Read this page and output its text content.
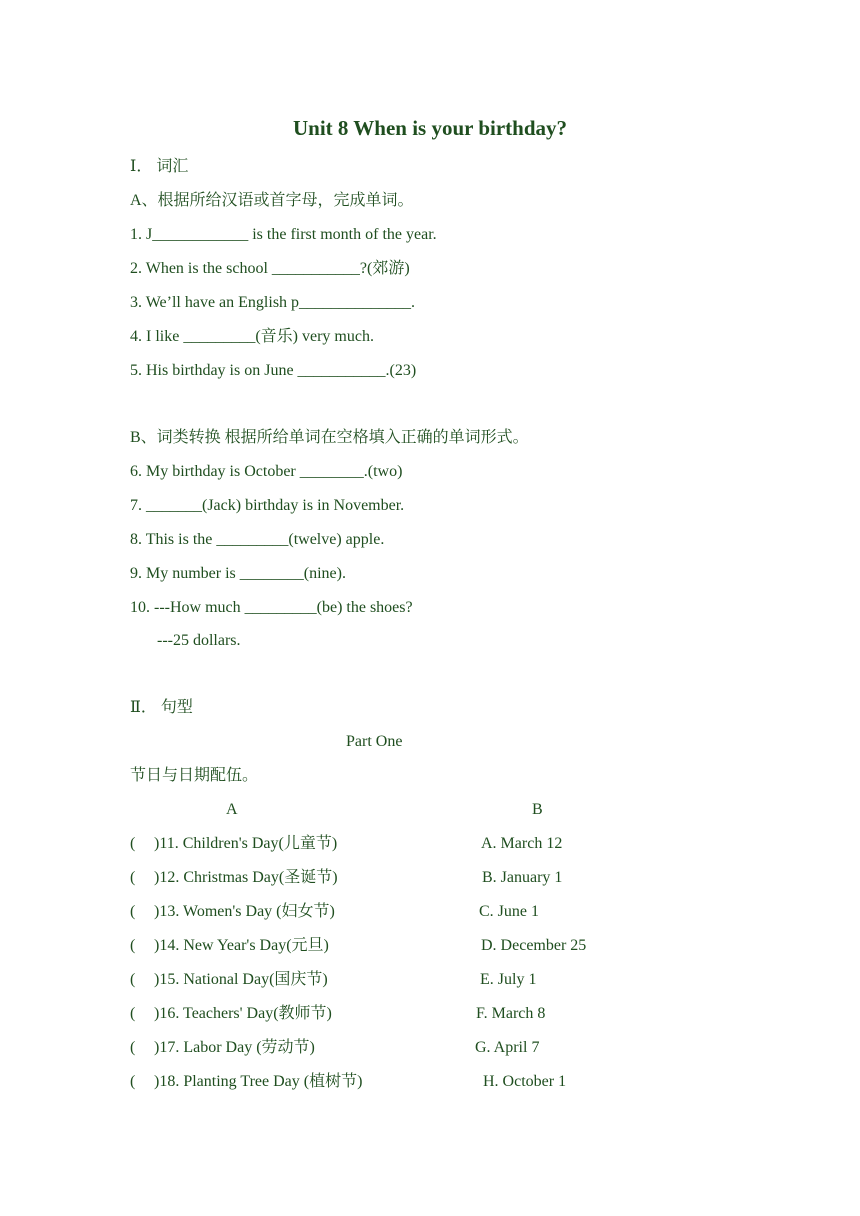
Unit 8 When is your birthday?
Ⅰ． 词汇
A、根据所给汉语或首字母，完成单词。
1. J____________ is the first month of the year.
2. When is the school ___________?(郊游)
3. We’ll have an English p______________.
4. I like _________(音乐) very much.
5. His birthday is on June ___________.(23)
B、词类转换 根据所给单词在空格填入正确的单词形式。
6. My birthday is October ________.(two)
7. _______(Jack) birthday is in November.
8. This is the _________(twelve) apple.
9. My number is ________(nine).
10. ---How much _________(be) the shoes?
---25 dollars.
Ⅱ． 句型
Part One
节日与日期配伍。
A	B
( )11. Children's Day(儿童节)	A. March 12
( )12. Christmas Day(圣诞节)	B. January 1
( )13. Women's Day (妇女节)	C. June 1
( )14. New Year's Day(元旦)	D. December 25
( )15. National Day(国庆节)	E. July 1
( )16. Teachers' Day(教师节)	F. March 8
( )17. Labor Day (劳动节)	G. April 7
( )18. Planting Tree Day (植树节)	H. October 1
